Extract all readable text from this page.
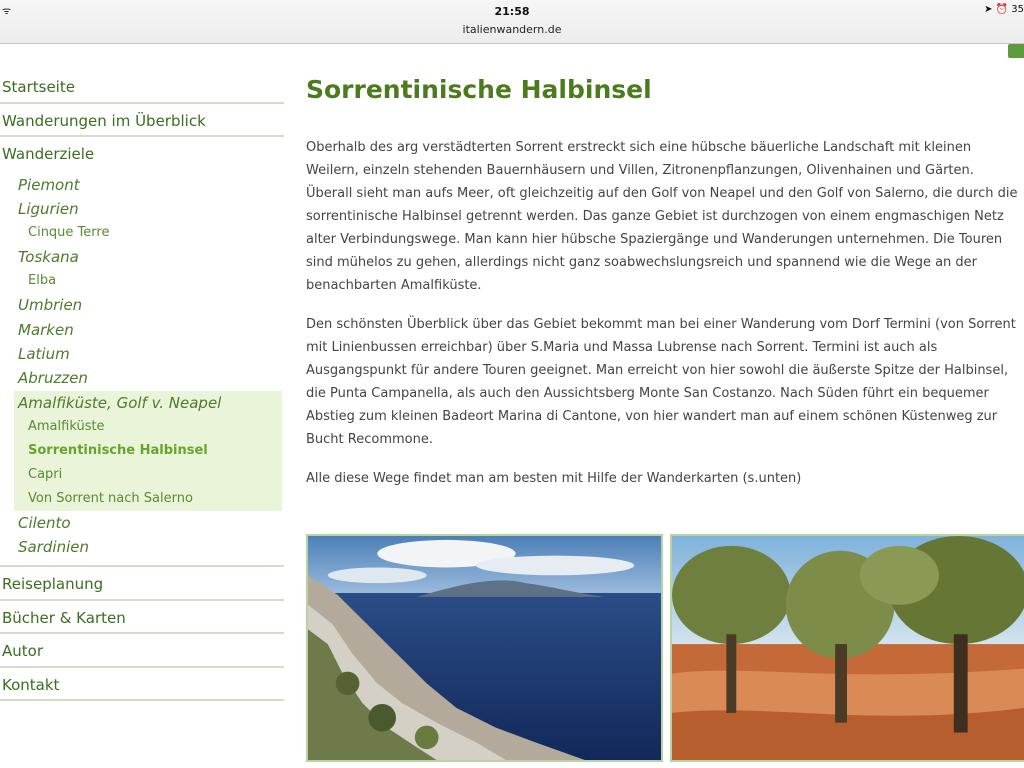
ᯤ	21:58
italienwandern.de
➤ ⏰ 35
Startseite
Wanderungen im Überblick
Wanderziele
Piemont
Ligurien
Cinque Terre
Toskana
Elba
Umbrien
Marken
Latium
Abruzzen
Amalfiküste, Golf v. Neapel
Amalfiküste
Sorrentinische Halbinsel
Capri
Von Sorrent nach Salerno
Cilento
Sardinien
Reiseplanung
Bücher & Karten
Autor
Kontakt
Sorrentinische Halbinsel

Oberhalb des arg verstädterten Sorrent erstreckt sich eine hübsche bäuerliche Landschaft mit kleinen Weilern, einzeln stehenden Bauernhäusern und Villen, Zitronenpflanzungen, Olivenhainen und Gärten. Überall sieht man aufs Meer, oft gleichzeitig auf den Golf von Neapel und den Golf von Salerno, die durch die sorrentinische Halbinsel getrennt werden. Das ganze Gebiet ist durchzogen von einem engmaschigen Netz alter Verbindungswege. Man kann hier hübsche Spaziergänge und Wanderungen unternehmen. Die Touren sind mühelos zu gehen, allerdings nicht ganz soabwechslungsreich und spannend wie die Wege an der benachbarten Amalfiküste.

Den schönsten Überblick über das Gebiet bekommt man bei einer Wanderung vom Dorf Termini (von Sorrent mit Linienbussen erreichbar) über S.Maria und Massa Lubrense nach Sorrent. Termini ist auch als Ausgangspunkt für andere Touren geeignet. Man erreicht von hier sowohl die äußerste Spitze der Halbinsel, die Punta Campanella, als auch den Aussichtsberg Monte San Costanzo. Nach Süden führt ein bequemer Abstieg zum kleinen Badeort Marina di Cantone, von hier wandert man auf einem schönen Küstenweg zur Bucht Recommone.

Alle diese Wege findet man am besten mit Hilfe der Wanderkarten (s.unten)
